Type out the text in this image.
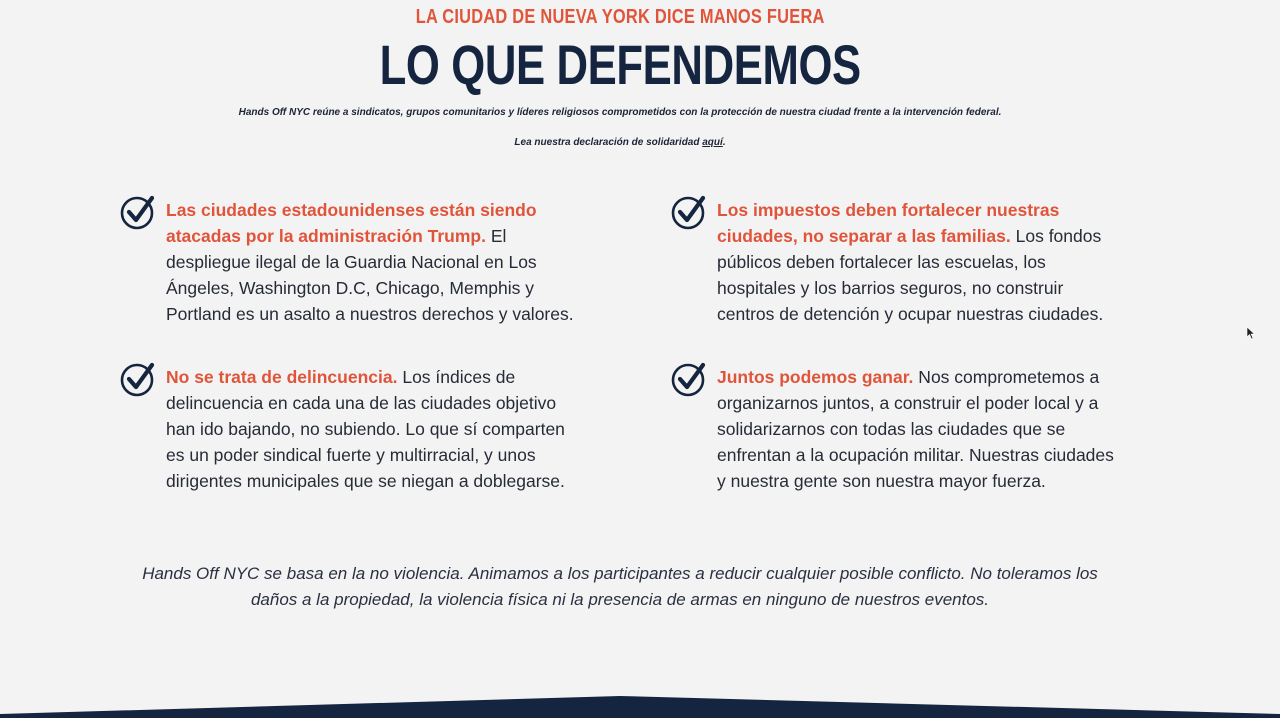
LA CIUDAD DE NUEVA YORK DICE MANOS FUERA
LO QUE DEFENDEMOS
Hands Off NYC reúne a sindicatos, grupos comunitarios y líderes religiosos comprometidos con la protección de nuestra ciudad frente a la intervención federal.
Lea nuestra declaración de solidaridad aquí.

Las ciudades estadounidenses están siendo atacadas por la administración Trump. El despliegue ilegal de la Guardia Nacional en Los Ángeles, Washington D.C, Chicago, Memphis y Portland es un asalto a nuestros derechos y valores.

Los impuestos deben fortalecer nuestras ciudades, no separar a las familias. Los fondos públicos deben fortalecer las escuelas, los hospitales y los barrios seguros, no construir centros de detención y ocupar nuestras ciudades.

No se trata de delincuencia. Los índices de delincuencia en cada una de las ciudades objetivo han ido bajando, no subiendo. Lo que sí comparten es un poder sindical fuerte y multirracial, y unos dirigentes municipales que se niegan a doblegarse.

Juntos podemos ganar. Nos comprometemos a organizarnos juntos, a construir el poder local y a solidarizarnos con todas las ciudades que se enfrentan a la ocupación militar. Nuestras ciudades y nuestra gente son nuestra mayor fuerza.

Hands Off NYC se basa en la no violencia. Animamos a los participantes a reducir cualquier posible conflicto. No toleramos los daños a la propiedad, la violencia física ni la presencia de armas en ninguno de nuestros eventos.
